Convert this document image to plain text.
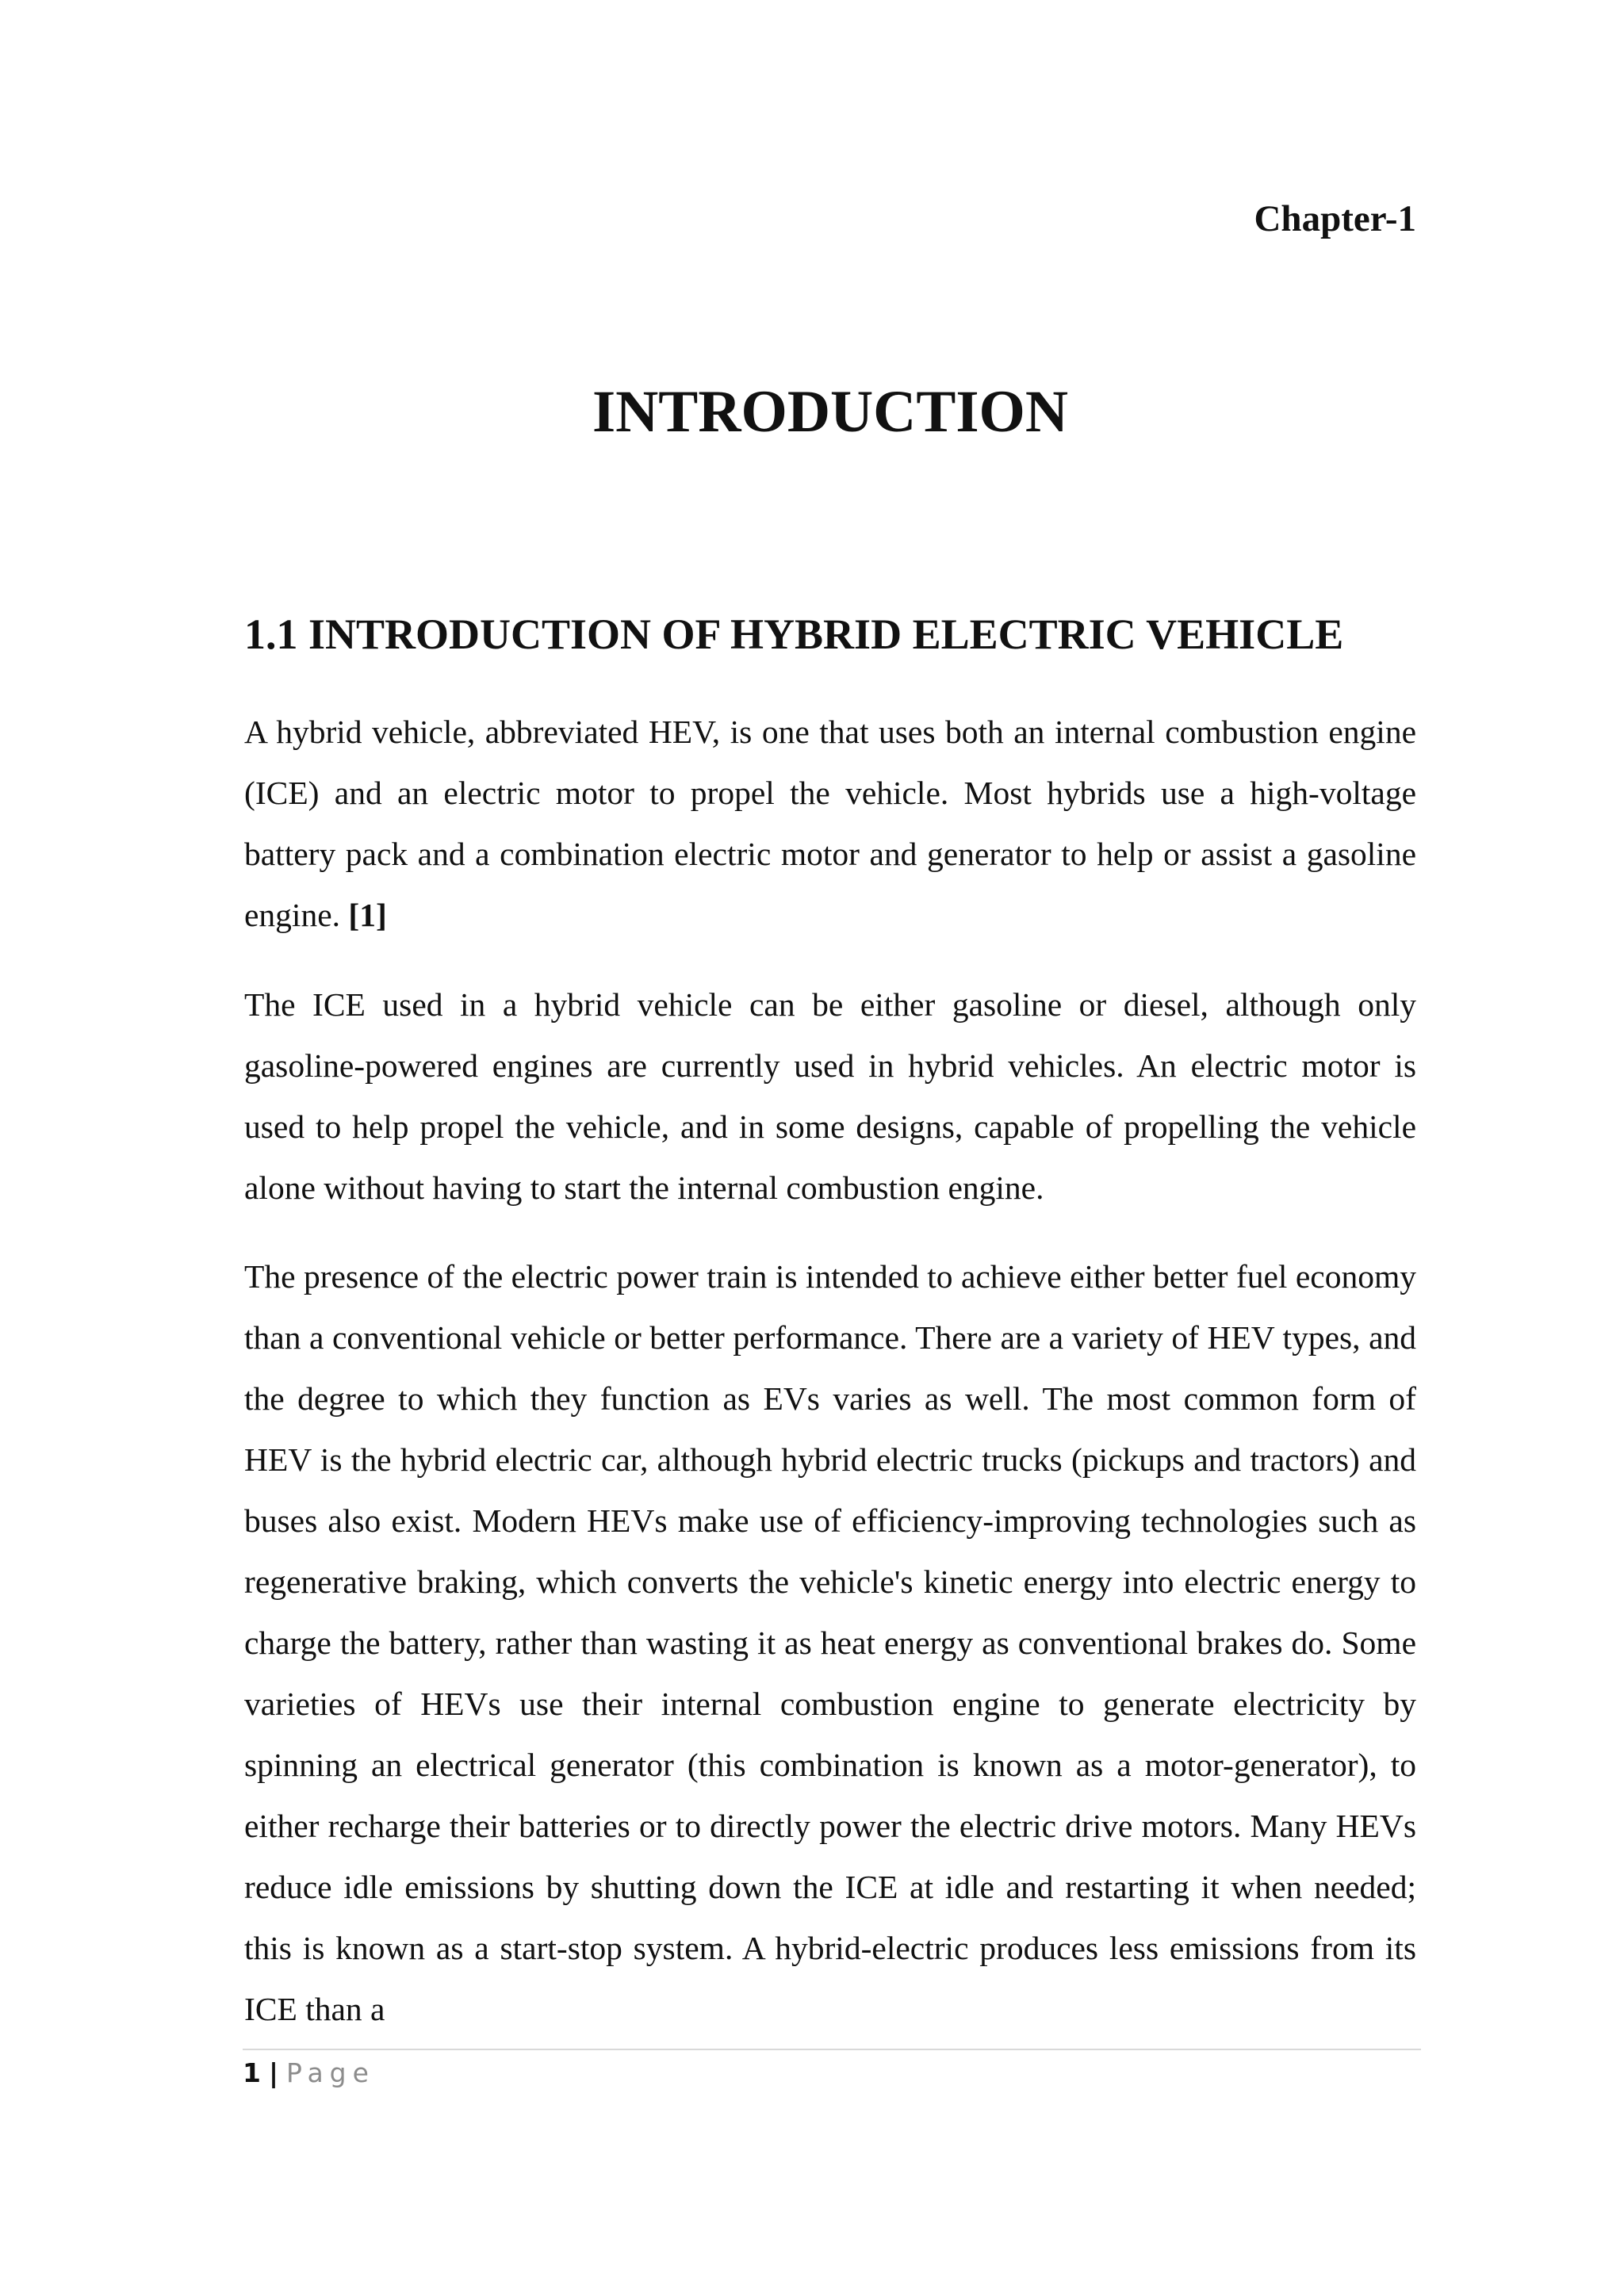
Chapter-1

INTRODUCTION
1.1 INTRODUCTION OF HYBRID ELECTRIC VEHICLE

A hybrid vehicle, abbreviated HEV, is one that uses both an internal combustion engine (ICE) and an electric motor to propel the vehicle. Most hybrids use a high-voltage battery pack and a combination electric motor and generator to help or assist a gasoline engine. [1]

The ICE used in a hybrid vehicle can be either gasoline or diesel, although only gasoline-powered engines are currently used in hybrid vehicles. An electric motor is used to help propel the vehicle, and in some designs, capable of propelling the vehicle alone without having to start the internal combustion engine.

The presence of the electric power train is intended to achieve either better fuel economy than a conventional vehicle or better performance. There are a variety of HEV types, and the degree to which they function as EVs varies as well. The most common form of HEV is the hybrid electric car, although hybrid electric trucks (pickups and tractors) and buses also exist. Modern HEVs make use of efficiency-improving technologies such as regenerative braking, which converts the vehicle's kinetic energy into electric energy to charge the battery, rather than wasting it as heat energy as conventional brakes do. Some varieties of HEVs use their internal combustion engine to generate electricity by spinning an electrical generator (this combination is known as a motor-generator), to either recharge their batteries or to directly power the electric drive motors. Many HEVs reduce idle emissions by shutting down the ICE at idle and restarting it when needed; this is known as a start-stop system. A hybrid-electric produces less emissions from its ICE than a

1 | Page
